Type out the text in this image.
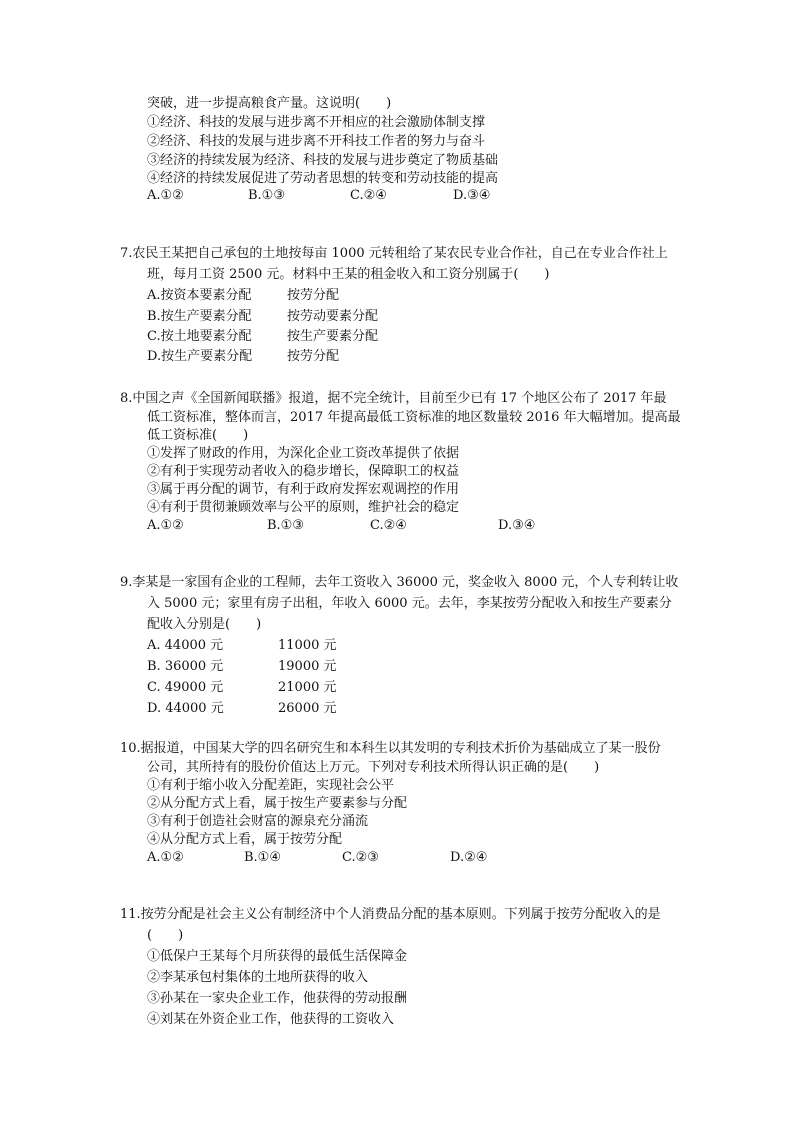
突破，进一步提高粮食产量。这说明(　　)
①经济、科技的发展与进步离不开相应的社会激励体制支撑
②经济、科技的发展与进步离不开科技工作者的努力与奋斗
③经济的持续发展为经济、科技的发展与进步奠定了物质基础
④经济的持续发展促进了劳动者思想的转变和劳动技能的提高
A.①②	B.①③	C.②④	D.③④
7.农民王某把自己承包的土地按每亩 1000 元转租给了某农民专业合作社，自己在专业合作社上
班，每月工资 2500 元。材料中王某的租金收入和工资分别属于(　　)
A.按资本要素分配	按劳分配
B.按生产要素分配	按劳动要素分配
C.按土地要素分配	按生产要素分配
D.按生产要素分配	按劳分配
8.中国之声《全国新闻联播》报道，据不完全统计，目前至少已有 17 个地区公布了 2017 年最
低工资标准，整体而言，2017 年提高最低工资标准的地区数量较 2016 年大幅增加。提高最
低工资标准(　　)
①发挥了财政的作用，为深化企业工资改革提供了依据
②有利于实现劳动者收入的稳步增长，保障职工的权益
③属于再分配的调节，有利于政府发挥宏观调控的作用
④有利于贯彻兼顾效率与公平的原则，维护社会的稳定
A.①②	B.①③	C.②④	D.③④
9.李某是一家国有企业的工程师，去年工资收入 36000 元，奖金收入 8000 元，个人专利转让收
入 5000 元；家里有房子出租，年收入 6000 元。去年，李某按劳分配收入和按生产要素分
配收入分别是(　　)
A. 44000 元	11000 元
B. 36000 元	19000 元
C. 49000 元	21000 元
D. 44000 元	26000 元
10.据报道，中国某大学的四名研究生和本科生以其发明的专利技术折价为基础成立了某一股份
公司，其所持有的股份价值达上万元。下列对专利技术所得认识正确的是(　　)
①有利于缩小收入分配差距，实现社会公平
②从分配方式上看，属于按生产要素参与分配
③有利于创造社会财富的源泉充分涌流
④从分配方式上看，属于按劳分配
A.①②	B.①④	C.②③	D.②④
11.按劳分配是社会主义公有制经济中个人消费品分配的基本原则。下列属于按劳分配收入的是
(　　)
①低保户王某每个月所获得的最低生活保障金
②李某承包村集体的土地所获得的收入
③孙某在一家央企业工作，他获得的劳动报酬
④刘某在外资企业工作，他获得的工资收入
